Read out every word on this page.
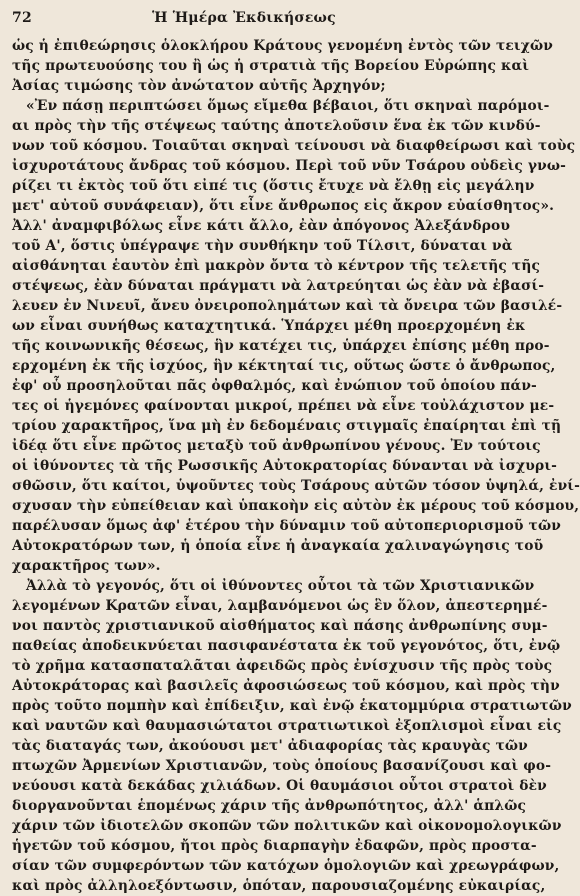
72	Ἡ Ἡμέρα Ἐκδικήσεως
ὡς ἡ ἐπιθεώρησις ὁλοκλήρου Κράτους γενομένη ἐντὸς τῶν τειχῶν
τῆς πρωτευούσης του ἢ ὡς ἡ στρατιὰ τῆς Βορείου Εὐρώπης καὶ
Ἀσίας τιμώσης τὸν ἀνώτατον αὐτῆς Ἀρχηγόν;
«Ἐν πάσῃ περιπτώσει ὅμως εἴμεθα βέβαιοι, ὅτι σκηναὶ παρόμοι-
αι πρὸς τὴν τῆς στέψεως ταύτης ἀποτελοῦσιν ἕνα ἐκ τῶν κινδύ-
νων τοῦ κόσμου. Τοιαῦται σκηναὶ τείνουσι νὰ διαφθείρωσι καὶ τοὺς
ἰσχυροτάτους ἄνδρας τοῦ κόσμου. Περὶ τοῦ νῦν Τσάρου οὐδεὶς γνω-
ρίζει τι ἐκτὸς τοῦ ὅτι εἰπέ τις (ὅστις ἔτυχε νὰ ἔλθῃ εἰς μεγάλην
μετ' αὐτοῦ συνάφειαν), ὅτι εἶνε ἄνθρωπος εἰς ἄκρον εὐαίσθητος».
Ἀλλ' ἀναμφιβόλως εἶνε κάτι ἄλλο, ἐὰν ἀπόγονος Ἀλεξάνδρου
τοῦ Α', ὅστις ὑπέγραψε τὴν συνθήκην τοῦ Τίλσιτ, δύναται νὰ
αἰσθάνηται ἑαυτὸν ἐπὶ μακρὸν ὄντα τὸ κέντρον τῆς τελετῆς τῆς
στέψεως, ἐὰν δύναται πράγματι νὰ λατρεύηται ὡς ἐὰν νὰ ἐβασί-
λευεν ἐν Νινευῖ, ἄνευ ὀνειροπολημάτων καὶ τὰ ὄνειρα τῶν βασιλέ-
ων εἶναι συνήθως καταχτητικά. Ὑπάρχει μέθη προερχομένη ἐκ
τῆς κοινωνικῆς θέσεως, ἣν κατέχει τις, ὑπάρχει ἐπίσης μέθη προ-
ερχομένη ἐκ τῆς ἰσχύος, ἣν κέκτηταί τις, οὕτως ὥστε ὁ ἄνθρωπος,
ἐφ' οὗ προσηλοῦται πᾶς ὀφθαλμός, καὶ ἐνώπιον τοῦ ὁποίου πάν-
τες οἱ ἡγεμόνες φαίνονται μικροί, πρέπει νὰ εἶνε τοὐλάχιστον με-
τρίου χαρακτῆρος, ἵνα μὴ ἐν δεδομέναις στιγμαῖς ἐπαίρηται ἐπὶ τῇ
ἰδέᾳ ὅτι εἶνε πρῶτος μεταξὺ τοῦ ἀνθρωπίνου γένους. Ἐν τούτοις
οἱ ἰθύνοντες τὰ τῆς Ρωσσικῆς Αὐτοκρατορίας δύνανται νὰ ἰσχυρι-
σθῶσιν, ὅτι καίτοι, ὑψοῦντες τοὺς Τσάρους αὐτῶν τόσον ὑψηλά, ἐνί-
σχυσαν τὴν εὐπείθειαν καὶ ὑπακοὴν εἰς αὐτὸν ἐκ μέρους τοῦ κόσμου,
παρέλυσαν ὅμως ἀφ' ἑτέρου τὴν δύναμιν τοῦ αὐτοπεριορισμοῦ τῶν
Αὐτοκρατόρων των, ἡ ὁποία εἶνε ἡ ἀναγκαία χαλιναγώγησις τοῦ
χαρακτῆρος των».
Ἀλλὰ τὸ γεγονός, ὅτι οἱ ἰθύνοντες οὗτοι τὰ τῶν Χριστιανικῶν
λεγομένων Κρατῶν εἶναι, λαμβανόμενοι ὡς ἓν ὅλον, ἀπεστερημέ-
νοι παντὸς χριστιανικοῦ αἰσθήματος καὶ πάσης ἀνθρωπίνης συμ-
παθείας ἀποδεικνύεται πασιφανέστατα ἐκ τοῦ γεγονότος, ὅτι, ἐνῷ
τὸ χρῆμα κατασπαταλᾶται ἀφειδῶς πρὸς ἐνίσχυσιν τῆς πρὸς τοὺς
Αὐτοκράτορας καὶ βασιλεῖς ἀφοσιώσεως τοῦ κόσμου, καὶ πρὸς τὴν
πρὸς τοῦτο πομπὴν καὶ ἐπίδειξιν, καὶ ἐνῷ ἑκατομμύρια στρατιωτῶν
καὶ ναυτῶν καὶ θαυμασιώτατοι στρατιωτικοὶ ἐξοπλισμοὶ εἶναι εἰς
τὰς διαταγάς των, ἀκούουσι μετ' ἀδιαφορίας τὰς κραυγὰς τῶν
πτωχῶν Ἀρμενίων Χριστιανῶν, τοὺς ὁποίους βασανίζουσι καὶ φο-
νεύουσι κατὰ δεκάδας χιλιάδων. Οἱ θαυμάσιοι οὗτοι στρατοὶ δὲν
διοργανοῦνται ἑπομένως χάριν τῆς ἀνθρωπότητος, ἀλλ' ἁπλῶς
χάριν τῶν ἰδιοτελῶν σκοπῶν τῶν πολιτικῶν καὶ οἰκονομολογικῶν
ἡγετῶν τοῦ κόσμου, ἤτοι πρὸς διαρπαγὴν ἐδαφῶν, πρὸς προστα-
σίαν τῶν συμφερόντων τῶν κατόχων ὁμολογιῶν καὶ χρεωγράφων,
καὶ πρὸς ἀλληλοεξόντωσιν, ὁπόταν, παρουσιαζομένης εὐκαιρίας,
